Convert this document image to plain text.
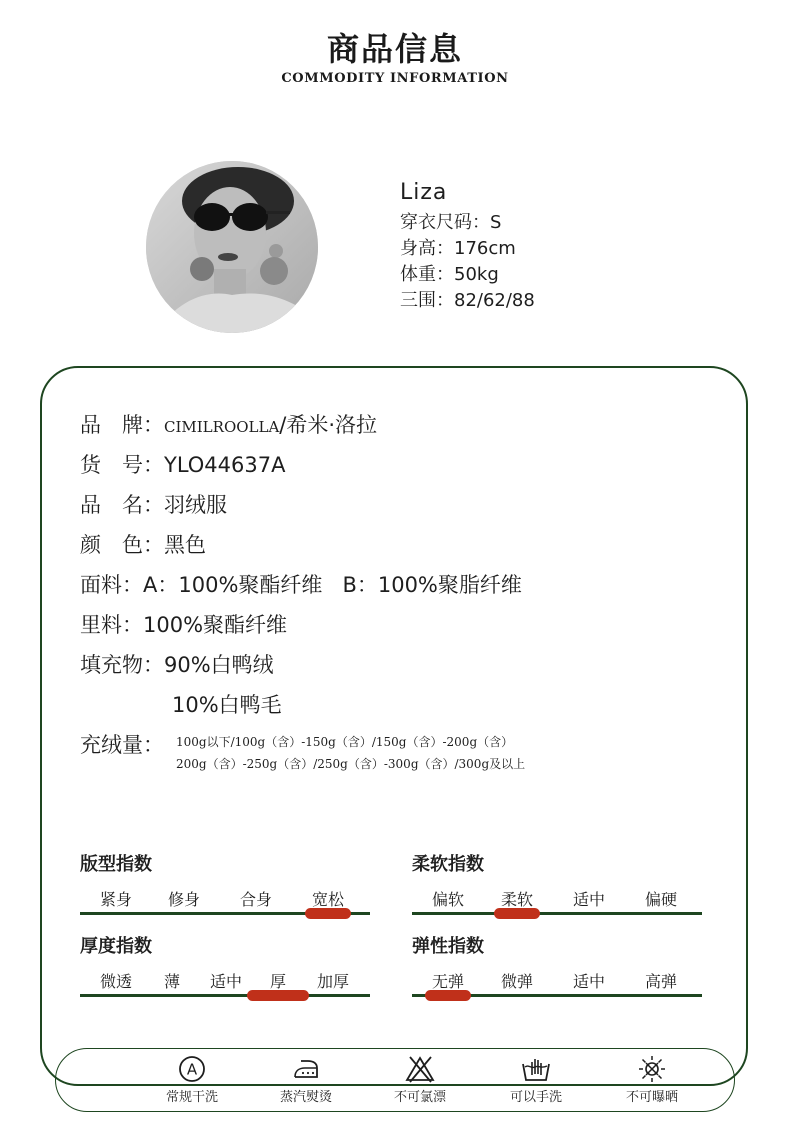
商品信息
COMMODITY INFORMATION
Liza
穿衣尺码：S
身高：176cm
体重：50kg
三围：82/62/88
品　牌：CIMILROOLLA/希米·洛拉
货　号：YLO44637A
品　名：羽绒服
颜　色：黑色
面料：A：100%聚酯纤维 B：100%聚脂纤维
里料：100%聚酯纤维
填充物：90%白鸭绒
10%白鸭毛
充绒量： 100g以下/100g（含）-150g（含）/150g（含）-200g（含）
200g（含）-250g（含）/250g（含）-300g（含）/300g及以上
版型指数
紧身	修身	合身	宽松
柔软指数
偏软	柔软	适中	偏硬
厚度指数
微透	薄	适中	厚	加厚
弹性指数
无弹	微弹	适中	高弹
A
常规干洗	蒸汽熨烫	不可氯漂	可以手洗	不可曝晒
